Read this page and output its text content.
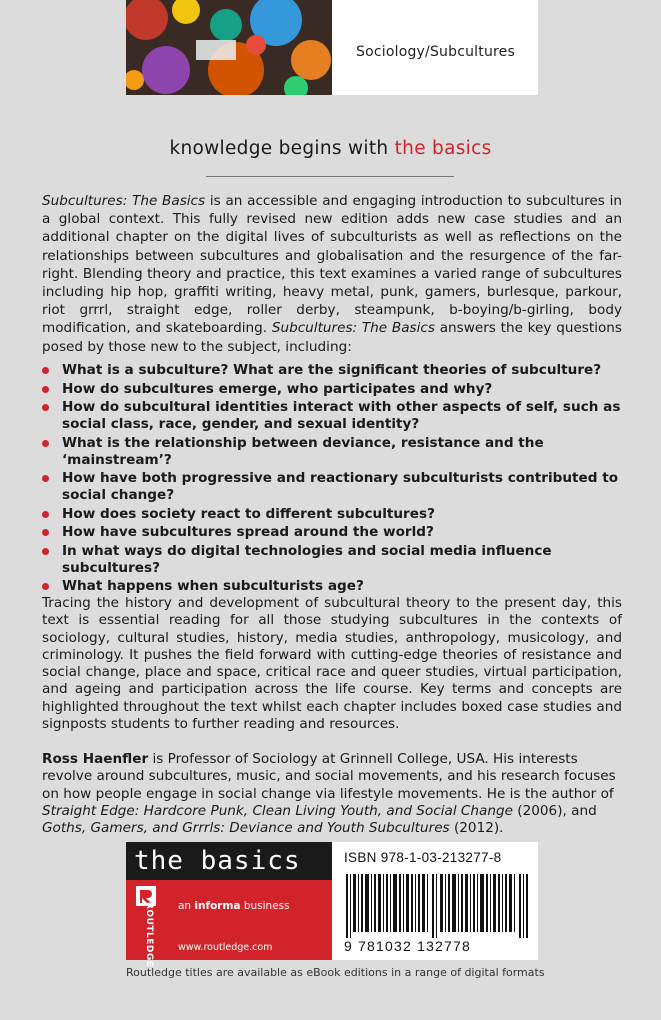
Sociology/Subcultures
knowledge begins with the basics

Subcultures: The Basics is an accessible and engaging introduction to subcultures in a global context. This fully revised new edition adds new case studies and an additional chapter on the digital lives of subculturists as well as reflections on the relationships between subcultures and globalisation and the resurgence of the far-right. Blending theory and practice, this text examines a varied range of subcultures including hip hop, graffiti writing, heavy metal, punk, gamers, burlesque, parkour, riot grrrl, straight edge, roller derby, steampunk, b-boying/b-girling, body modification, and skateboarding. Subcultures: The Basics answers the key questions posed by those new to the subject, including:

What is a subculture? What are the significant theories of subculture?
How do subcultures emerge, who participates and why?
How do subcultural identities interact with other aspects of self, such as social class, race, gender, and sexual identity?
What is the relationship between deviance, resistance and the ‘mainstream’?
How have both progressive and reactionary subculturists contributed to social change?
How does society react to different subcultures?
How have subcultures spread around the world?
In what ways do digital technologies and social media influence subcultures?
What happens when subculturists age?

Tracing the history and development of subcultural theory to the present day, this text is essential reading for all those studying subcultures in the contexts of sociology, cultural studies, history, media studies, anthropology, musicology, and criminology. It pushes the field forward with cutting-edge theories of resistance and social change, place and space, critical race and queer studies, virtual participation, and ageing and participation across the life course. Key terms and concepts are highlighted throughout the text whilst each chapter includes boxed case studies and signposts students to further reading and resources.

Ross Haenfler is Professor of Sociology at Grinnell College, USA. His interests revolve around subcultures, music, and social movements, and his research focuses on how people engage in social change via lifestyle movements. He is the author of Straight Edge: Hardcore Punk, Clean Living Youth, and Social Change (2006), and Goths, Gamers, and Grrrls: Deviance and Youth Subcultures (2012).

the basics
ROUTLEDGE an informa business
www.routledge.com
ISBN 978-1-03-213277-8
9 781032 132778
Routledge titles are available as eBook editions in a range of digital formats
